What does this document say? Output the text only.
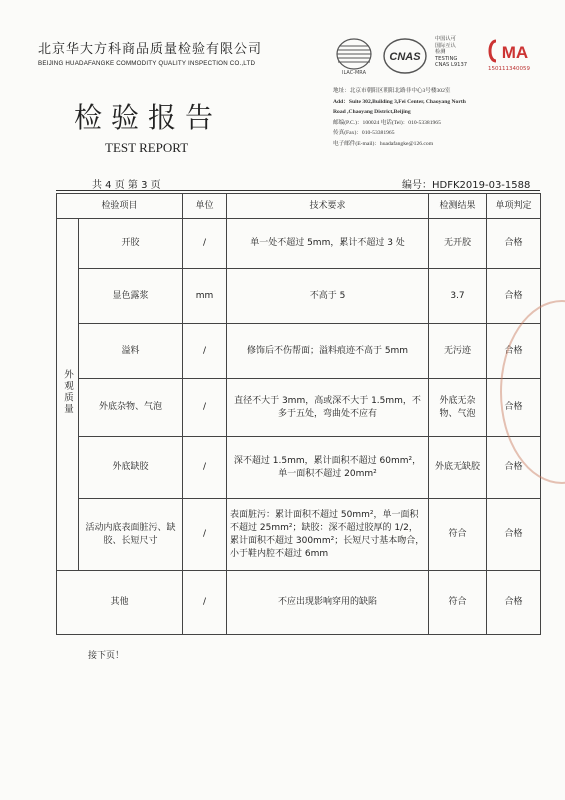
北京华大方科商品质量检验有限公司
BEIJING HUADAFANGKE COMMODITY QUALITY INSPECTION CO.,LTD
ILAC-MRA
CNAS
中国认可
国际互认
检测
TESTING
CNAS L9137
MA
150111340059
检验报告
TEST REPORT
地址：北京市朝阳区朝阳北路非中心3号楼302室
Add：Suite 302,Building 3,Fei Center, Chaoyang North
Road ,Chaoyang District,Beijing
邮编(P.C.)：100024 电话(Tel)：010-53381965
传真(Fax)：010-53381965
电子邮件(E-mail)：huadafangke@126.com
共 4 页 第 3 页	编号：HDFK2019-03-1588
检验项目		单位	技术要求	检测结果	单项判定
外观质量	开胶	/	单一处不超过 5mm，累计不超过 3 处	无开胶	合格
	显色露浆	mm	不高于 5	3.7	合格
	溢料	/	修饰后不伤帮面；溢料痕迹不高于 5mm	无污迹	合格
	外底杂物、气泡	/	直径不大于 3mm，高或深不大于 1.5mm，不多于五处，弯曲处不应有	外底无杂物、气泡	合格
	外底缺胶	/	深不超过 1.5mm，累计面积不超过 60mm²，单一面积不超过 20mm²	外底无缺胶	合格
	活动内底表面脏污、缺胶、长短尺寸	/	表面脏污：累计面积不超过 50mm²，单一面积不超过 25mm²；缺胶：深不超过胶厚的 1/2，累计面积不超过 300mm²；长短尺寸基本吻合，小于鞋内腔不超过 6mm	符合	合格
其他		/	不应出现影响穿用的缺陷	符合	合格
接下页！
